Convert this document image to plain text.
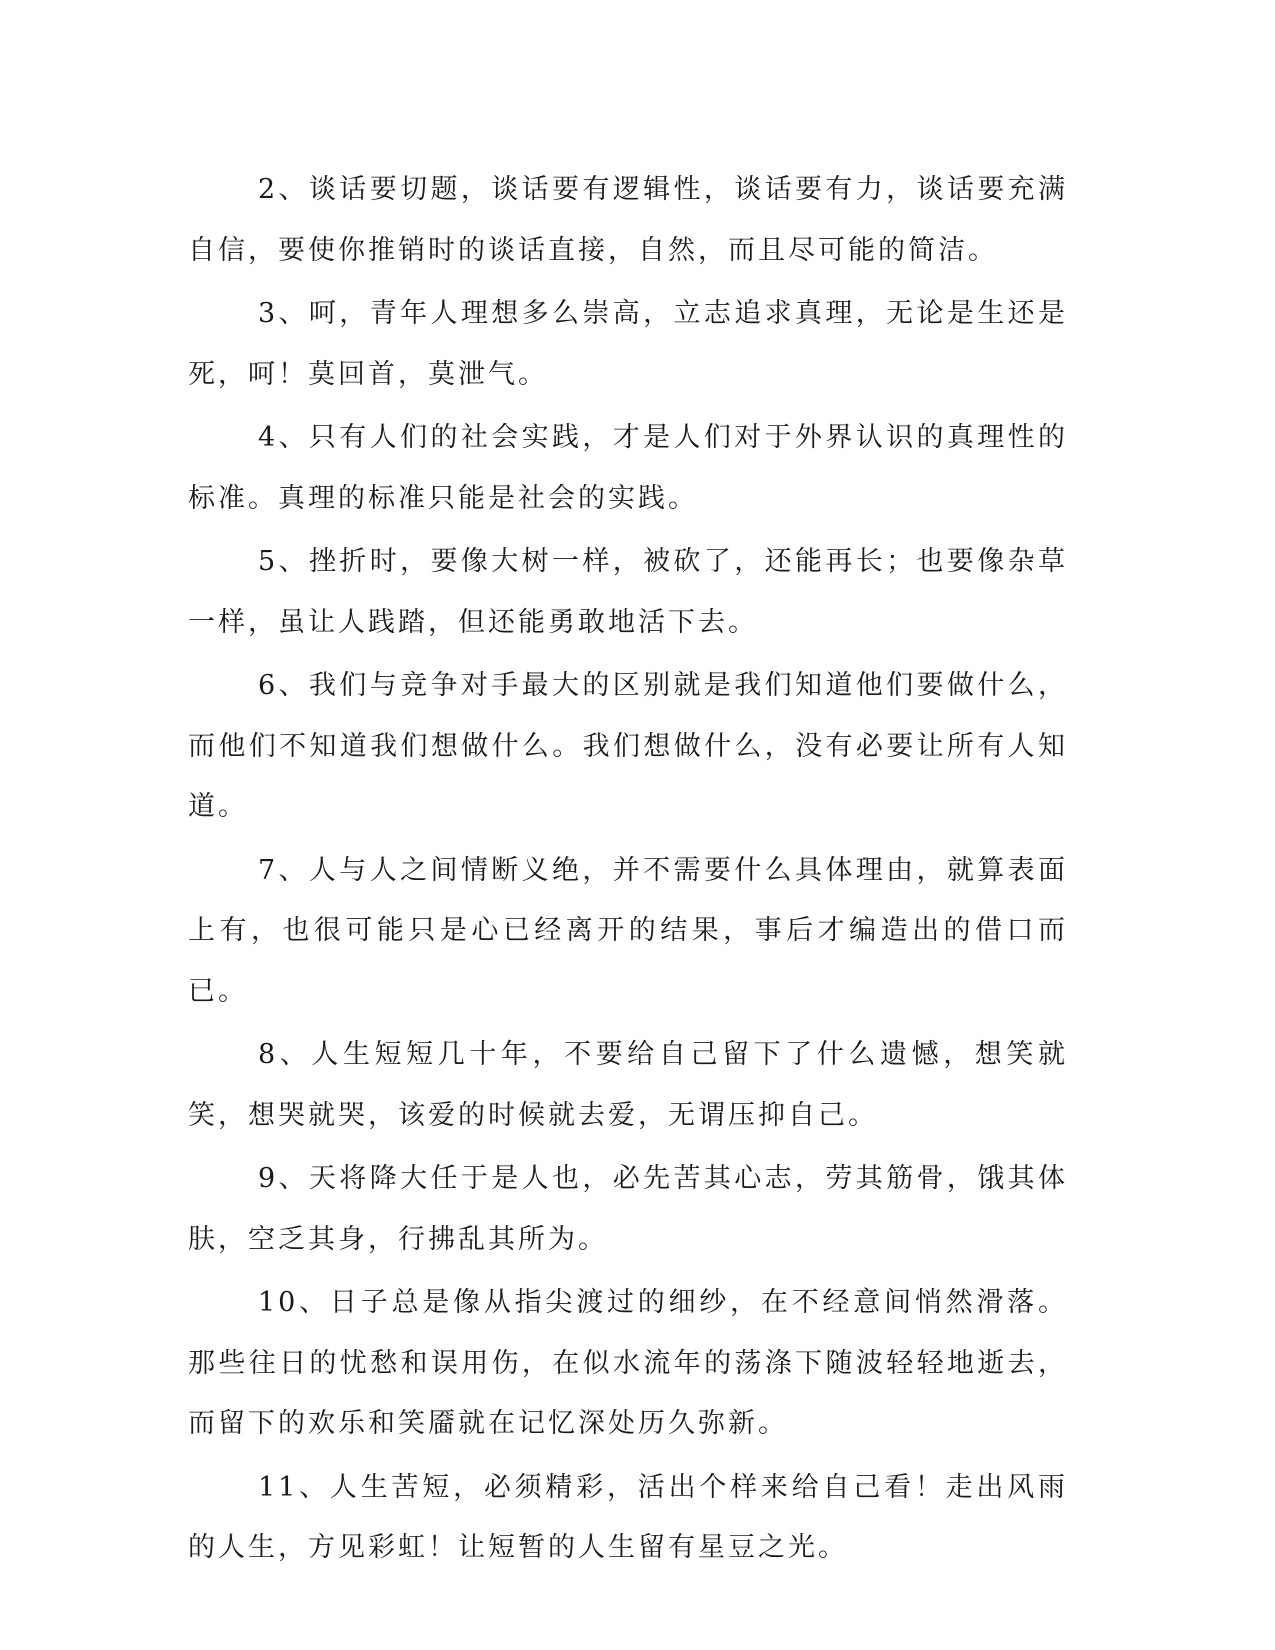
2、谈话要切题，谈话要有逻辑性，谈话要有力，谈话要充满自信，要使你推销时的谈话直接，自然，而且尽可能的简洁。

3、呵，青年人理想多么崇高，立志追求真理，无论是生还是死，呵！莫回首，莫泄气。

4、只有人们的社会实践，才是人们对于外界认识的真理性的标准。真理的标准只能是社会的实践。

5、挫折时，要像大树一样，被砍了，还能再长；也要像杂草一样，虽让人践踏，但还能勇敢地活下去。

6、我们与竞争对手最大的区别就是我们知道他们要做什么，而他们不知道我们想做什么。我们想做什么，没有必要让所有人知道。

7、人与人之间情断义绝，并不需要什么具体理由，就算表面上有，也很可能只是心已经离开的结果，事后才编造出的借口而已。

8、人生短短几十年，不要给自己留下了什么遗憾，想笑就笑，想哭就哭，该爱的时候就去爱，无谓压抑自己。

9、天将降大任于是人也，必先苦其心志，劳其筋骨，饿其体肤，空乏其身，行拂乱其所为。

10、日子总是像从指尖渡过的细纱，在不经意间悄然滑落。那些往日的忧愁和误用伤，在似水流年的荡涤下随波轻轻地逝去，而留下的欢乐和笑靥就在记忆深处历久弥新。

11、人生苦短，必须精彩，活出个样来给自己看！走出风雨的人生，方见彩虹！让短暂的人生留有星豆之光。
